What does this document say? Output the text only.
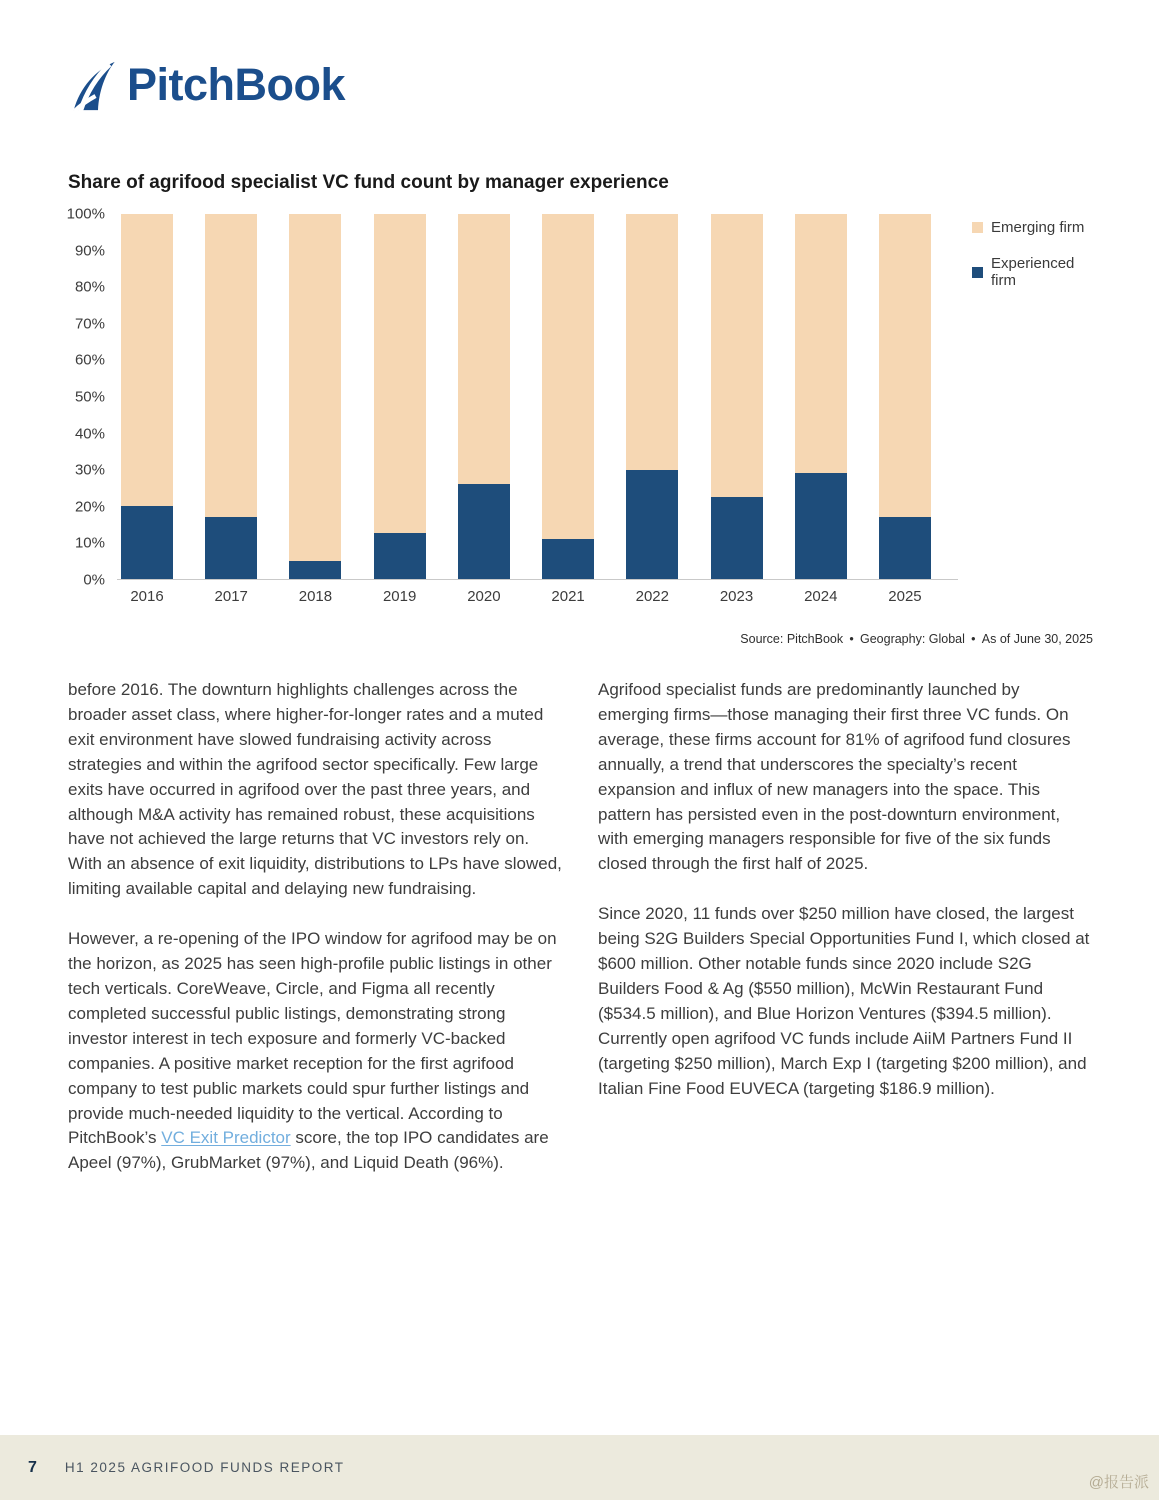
PitchBook
Share of agrifood specialist VC fund count by manager experience
100%
90%
80%
70%
60%
50%
40%
30%
20%
10%
0%
2016	2017	2018	2019	2020	2021	2022	2023	2024	2025
Emerging firm
Experienced firm
Source: PitchBook • Geography: Global • As of June 30, 2025

before 2016. The downturn highlights challenges across the broader asset class, where higher-for-longer rates and a muted exit environment have slowed fundraising activity across strategies and within the agrifood sector specifically. Few large exits have occurred in agrifood over the past three years, and although M&A activity has remained robust, these acquisitions have not achieved the large returns that VC investors rely on. With an absence of exit liquidity, distributions to LPs have slowed, limiting available capital and delaying new fundraising.

However, a re-opening of the IPO window for agrifood may be on the horizon, as 2025 has seen high-profile public listings in other tech verticals. CoreWeave, Circle, and Figma all recently completed successful public listings, demonstrating strong investor interest in tech exposure and formerly VC-backed companies. A positive market reception for the first agrifood company to test public markets could spur further listings and provide much-needed liquidity to the vertical. According to PitchBook’s VC Exit Predictor score, the top IPO candidates are Apeel (97%), GrubMarket (97%), and Liquid Death (96%).

Agrifood specialist funds are predominantly launched by emerging firms—those managing their first three VC funds. On average, these firms account for 81% of agrifood fund closures annually, a trend that underscores the specialty’s recent expansion and influx of new managers into the space. This pattern has persisted even in the post-downturn environment, with emerging managers responsible for five of the six funds closed through the first half of 2025.

Since 2020, 11 funds over $250 million have closed, the largest being S2G Builders Special Opportunities Fund I, which closed at $600 million. Other notable funds since 2020 include S2G Builders Food & Ag ($550 million), McWin Restaurant Fund ($534.5 million), and Blue Horizon Ventures ($394.5 million). Currently open agrifood VC funds include AiiM Partners Fund II (targeting $250 million), March Exp I (targeting $200 million), and Italian Fine Food EUVECA (targeting $186.9 million).

7 H1 2025 AGRIFOOD FUNDS REPORT
@报告派
